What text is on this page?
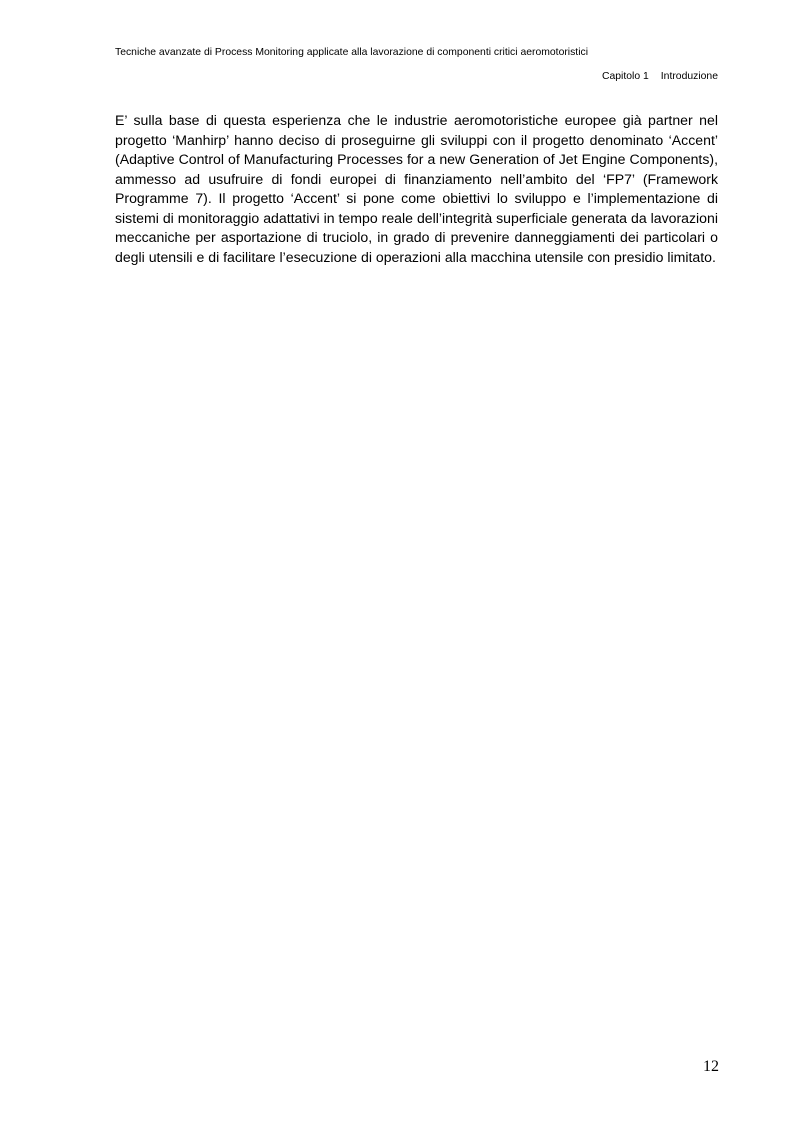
Tecniche avanzate di Process Monitoring applicate alla lavorazione di componenti critici aeromotoristici
Capitolo 1 Introduzione

E’ sulla base di questa esperienza che le industrie aeromotoristiche europee già partner nel progetto ‘Manhirp’ hanno deciso di proseguirne gli sviluppi con il progetto denominato ‘Accent’ (Adaptive Control of Manufacturing Processes for a new Generation of Jet Engine Components), ammesso ad usufruire di fondi europei di finanziamento nell’ambito del ‘FP7’ (Framework Programme 7). Il progetto ‘Accent’ si pone come obiettivi lo sviluppo e l’implementazione di sistemi di monitoraggio adattativi in tempo reale dell’integrità superficiale generata da lavorazioni meccaniche per asportazione di truciolo, in grado di prevenire danneggiamenti dei particolari o degli utensili e di facilitare l’esecuzione di operazioni alla macchina utensile con presidio limitato.

12
